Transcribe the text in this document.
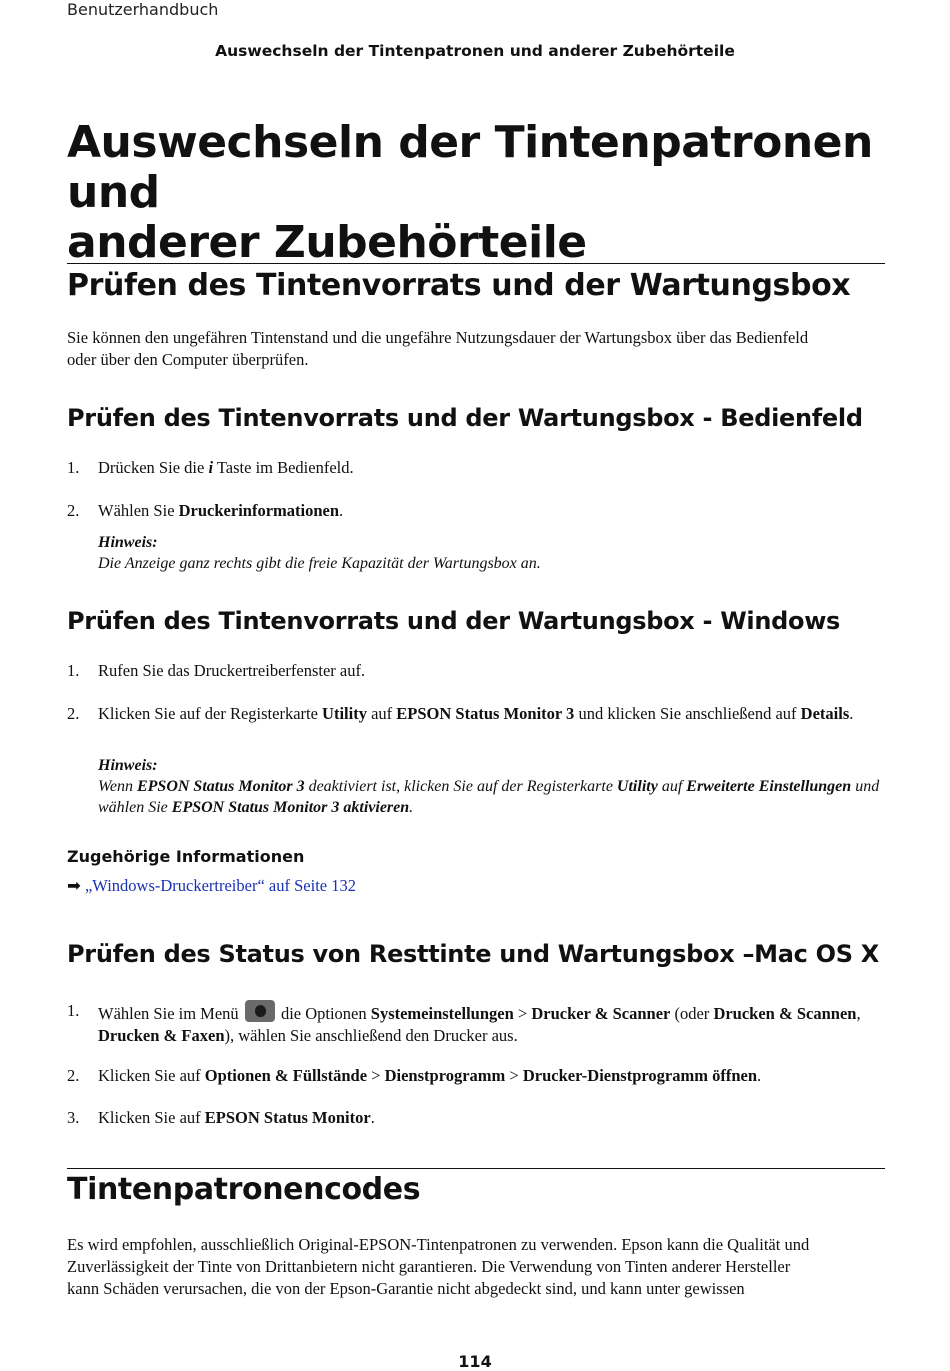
Benutzerhandbuch
Auswechseln der Tintenpatronen und anderer Zubehörteile
Auswechseln der Tintenpatronen und
anderer Zubehörteile
Prüfen des Tintenvorrats und der Wartungsbox
Sie können den ungefähren Tintenstand und die ungefähre Nutzungsdauer der Wartungsbox über das Bedienfeld
oder über den Computer überprüfen.
Prüfen des Tintenvorrats und der Wartungsbox - Bedienfeld
1. Drücken Sie die i Taste im Bedienfeld.
2. Wählen Sie Druckerinformationen.
Hinweis:
Die Anzeige ganz rechts gibt die freie Kapazität der Wartungsbox an.
Prüfen des Tintenvorrats und der Wartungsbox - Windows
1. Rufen Sie das Druckertreiberfenster auf.
2. Klicken Sie auf der Registerkarte Utility auf EPSON Status Monitor 3 und klicken Sie anschließend auf Details.
Hinweis:
Wenn EPSON Status Monitor 3 deaktiviert ist, klicken Sie auf der Registerkarte Utility auf Erweiterte Einstellungen und wählen Sie EPSON Status Monitor 3 aktivieren.
Zugehörige Informationen
➡ „Windows-Druckertreiber“ auf Seite 132
Prüfen des Status von Resttinte und Wartungsbox –Mac OS X
1. Wählen Sie im Menü	die Optionen Systemeinstellungen > Drucker & Scanner (oder Drucken & Scannen, Drucken & Faxen), wählen Sie anschließend den Drucker aus.
2. Klicken Sie auf Optionen & Füllstände > Dienstprogramm > Drucker-Dienstprogramm öffnen.
3. Klicken Sie auf EPSON Status Monitor.
Tintenpatronencodes
Es wird empfohlen, ausschließlich Original-EPSON-Tintenpatronen zu verwenden. Epson kann die Qualität und
Zuverlässigkeit der Tinte von Drittanbietern nicht garantieren. Die Verwendung von Tinten anderer Hersteller
kann Schäden verursachen, die von der Epson-Garantie nicht abgedeckt sind, und kann unter gewissen
114
